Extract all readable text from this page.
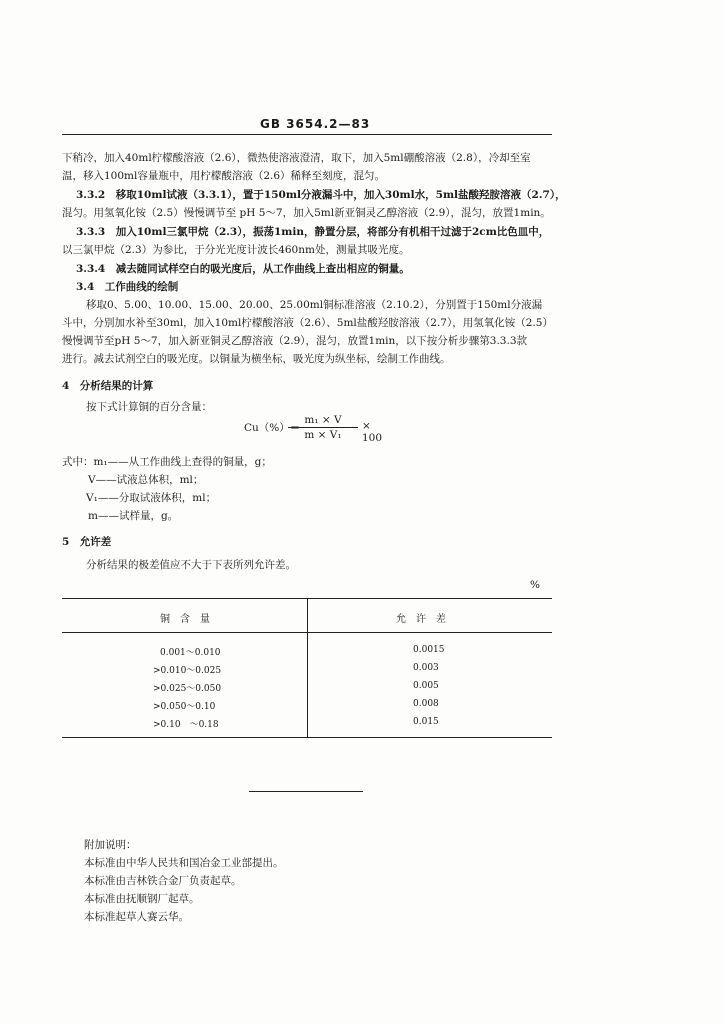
GB 3654.2—83
下稍冷，加入40ml柠檬酸溶液（2.6），微热使溶液澄清，取下，加入5ml硼酸溶液（2.8），冷却至室
温，移入100ml容量瓶中，用柠檬酸溶液（2.6）稀释至刻度，混匀。
3.3.2　移取10ml试液（3.3.1），置于150ml分液漏斗中，加入30ml水，5ml盐酸羟胺溶液（2.7），
混匀。用氢氧化铵（2.5）慢慢调节至 pH 5～7，加入5ml新亚铜灵乙醇溶液（2.9），混匀，放置1min。
3.3.3　加入10ml三氯甲烷（2.3），振荡1min，静置分层，将部分有机相干过滤于2cm比色皿中，
以三氯甲烷（2.3）为参比，于分光光度计波长460nm处，测量其吸光度。
3.3.4　减去随同试样空白的吸光度后，从工作曲线上查出相应的铜量。
3.4　工作曲线的绘制
移取0、5.00、10.00、15.00、20.00、25.00ml铜标准溶液（2.10.2），分别置于150ml分液漏
斗中，分别加水补至30ml，加入10ml柠檬酸溶液（2.6）、5ml盐酸羟胺溶液（2.7），用氢氧化铵（2.5）
慢慢调节至pH 5～7，加入新亚铜灵乙醇溶液（2.9），混匀，放置1min，以下按分析步骤第3.3.3款
进行。减去试剂空白的吸光度。以铜量为横坐标，吸光度为纵坐标，绘制工作曲线。
4　分析结果的计算
按下式计算铜的百分含量：
Cu（%）＝
$\frac{\text{m₁ × V}}{\text{m × V₁}} \times 100$
式中：m₁——从工作曲线上查得的铜量，g；
V——试液总体积，ml；
V₁——分取试液体积，ml；
m——试样量，g。
5　允许差
分析结果的极差值应不大于下表所列允许差。
%
铜　含　量	允　许　差
0.001～0.010	0.0015
>0.010～0.025	0.003
>0.025～0.050	0.005
>0.050～0.10	0.008
>0.10　～0.18	0.015
附加说明：
本标准由中华人民共和国冶金工业部提出。
本标准由吉林铁合金厂负责起草。
本标准由抚顺钢厂起草。
本标准起草人赛云华。
